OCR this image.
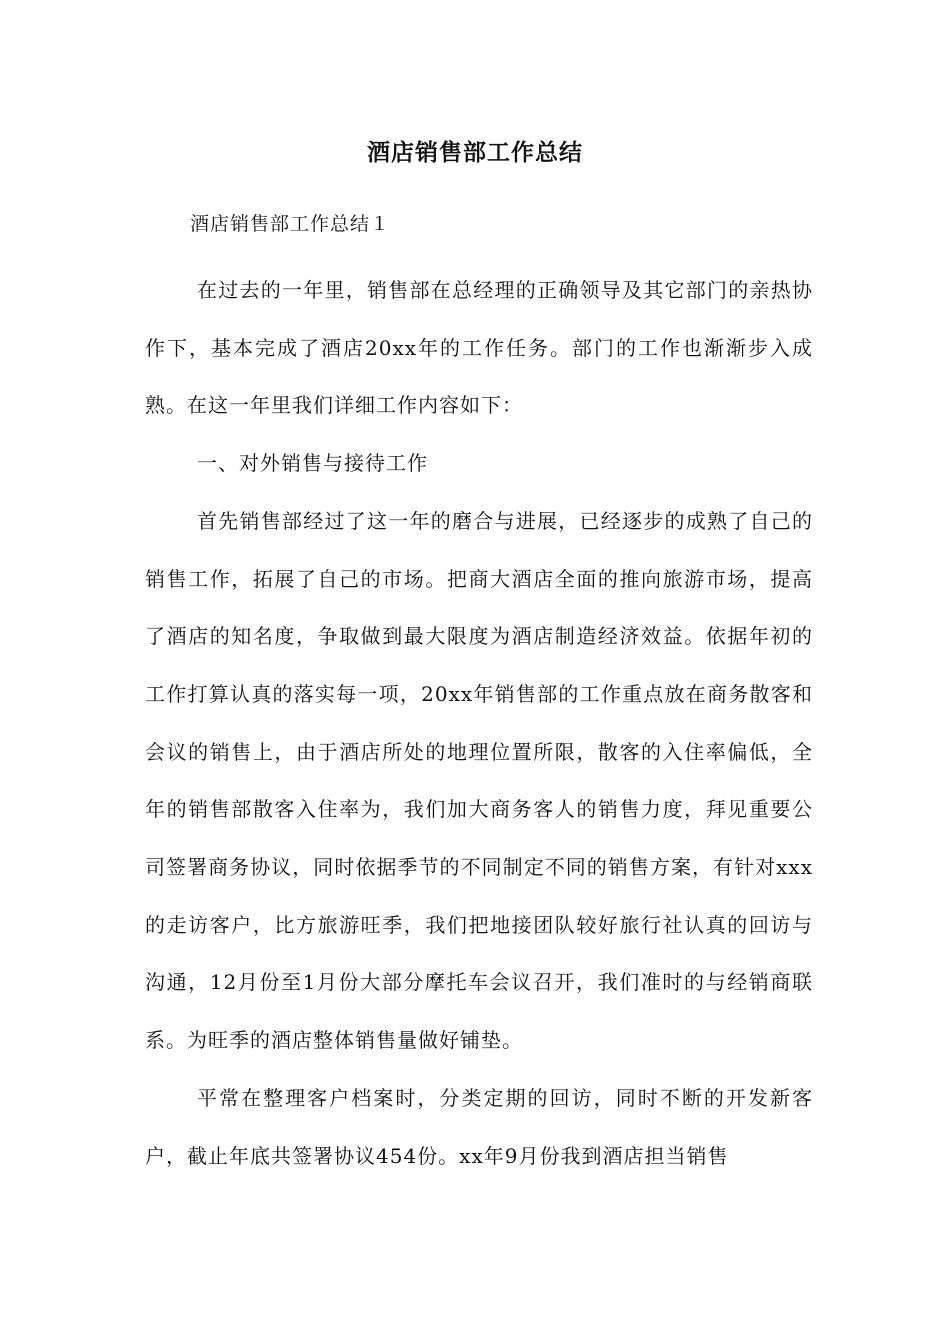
酒店销售部工作总结
酒店销售部工作总结１

在过去的一年里，销售部在总经理的正确领导及其它部门的亲热协作下，基本完成了酒店20xx年的工作任务。部门的工作也渐渐步入成熟。在这一年里我们详细工作内容如下：

一、对外销售与接待工作

首先销售部经过了这一年的磨合与进展，已经逐步的成熟了自己的销售工作，拓展了自己的市场。把商大酒店全面的推向旅游市场，提高了酒店的知名度，争取做到最大限度为酒店制造经济效益。依据年初的工作打算认真的落实每一项，20xx年销售部的工作重点放在商务散客和会议的销售上，由于酒店所处的地理位置所限，散客的入住率偏低，全年的销售部散客入住率为，我们加大商务客人的销售力度，拜见重要公司签署商务协议，同时依据季节的不同制定不同的销售方案，有针对xxx的走访客户，比方旅游旺季，我们把地接团队较好旅行社认真的回访与沟通，12月份至1月份大部分摩托车会议召开，我们准时的与经销商联系。为旺季的酒店整体销售量做好铺垫。

平常在整理客户档案时，分类定期的回访，同时不断的开发新客户，截止年底共签署协议454份。xx年9月份我到酒店担当销售
